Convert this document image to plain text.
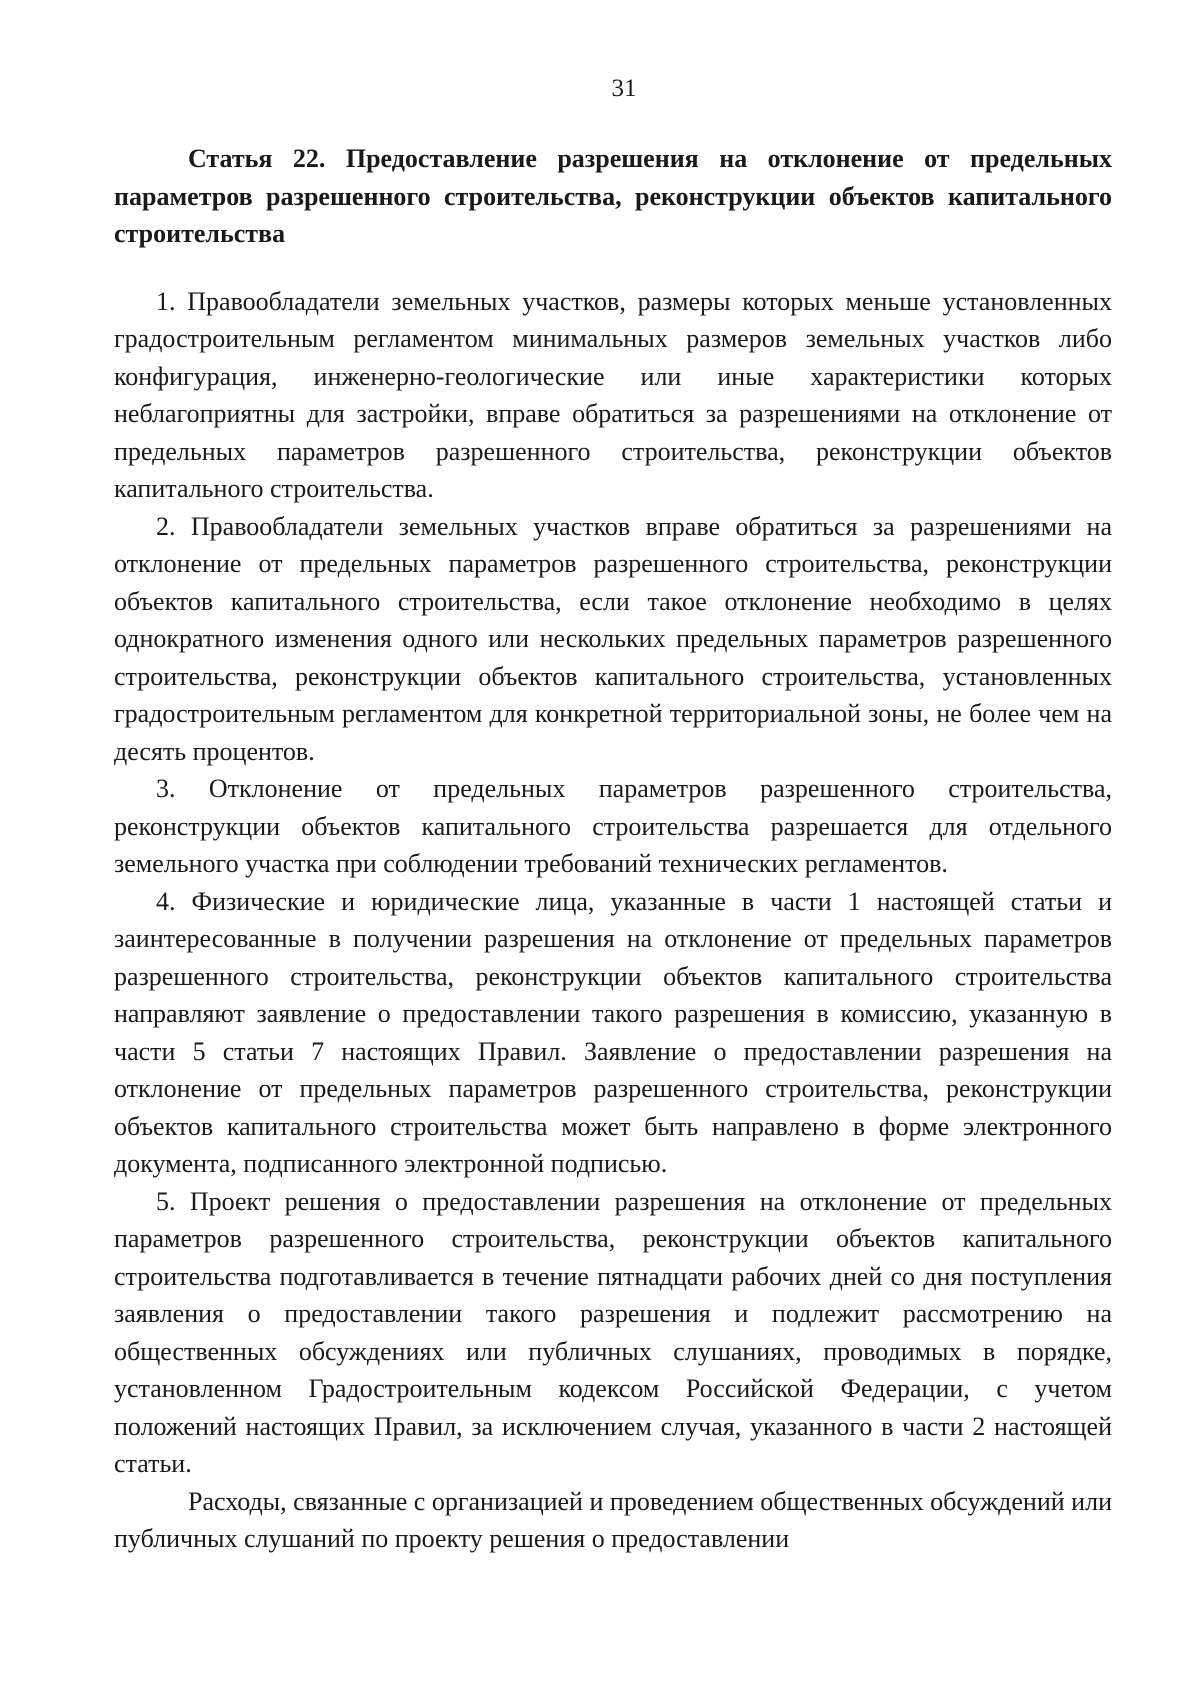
31

Статья 22. Предоставление разрешения на отклонение от предельных параметров разрешенного строительства, реконструкции объектов капитального строительства

1. Правообладатели земельных участков, размеры которых меньше установленных градостроительным регламентом минимальных размеров земельных участков либо конфигурация, инженерно-геологические или иные характеристики которых неблагоприятны для застройки, вправе обратиться за разрешениями на отклонение от предельных параметров разрешенного строительства, реконструкции объектов капитального строительства.

2. Правообладатели земельных участков вправе обратиться за разрешениями на отклонение от предельных параметров разрешенного строительства, реконструкции объектов капитального строительства, если такое отклонение необходимо в целях однократного изменения одного или нескольких предельных параметров разрешенного строительства, реконструкции объектов капитального строительства, установленных градостроительным регламентом для конкретной территориальной зоны, не более чем на десять процентов.

3. Отклонение от предельных параметров разрешенного строительства, реконструкции объектов капитального строительства разрешается для отдельного земельного участка при соблюдении требований технических регламентов.

4. Физические и юридические лица, указанные в части 1 настоящей статьи и заинтересованные в получении разрешения на отклонение от предельных параметров разрешенного строительства, реконструкции объектов капитального строительства направляют заявление о предоставлении такого разрешения в комиссию, указанную в части 5 статьи 7 настоящих Правил. Заявление о предоставлении разрешения на отклонение от предельных параметров разрешенного строительства, реконструкции объектов капитального строительства может быть направлено в форме электронного документа, подписанного электронной подписью.

5. Проект решения о предоставлении разрешения на отклонение от предельных параметров разрешенного строительства, реконструкции объектов капитального строительства подготавливается в течение пятнадцати рабочих дней со дня поступления заявления о предоставлении такого разрешения и подлежит рассмотрению на общественных обсуждениях или публичных слушаниях, проводимых в порядке, установленном Градостроительным кодексом Российской Федерации, с учетом положений настоящих Правил, за исключением случая, указанного в части 2 настоящей статьи.

Расходы, связанные с организацией и проведением общественных обсуждений или публичных слушаний по проекту решения о предоставлении
